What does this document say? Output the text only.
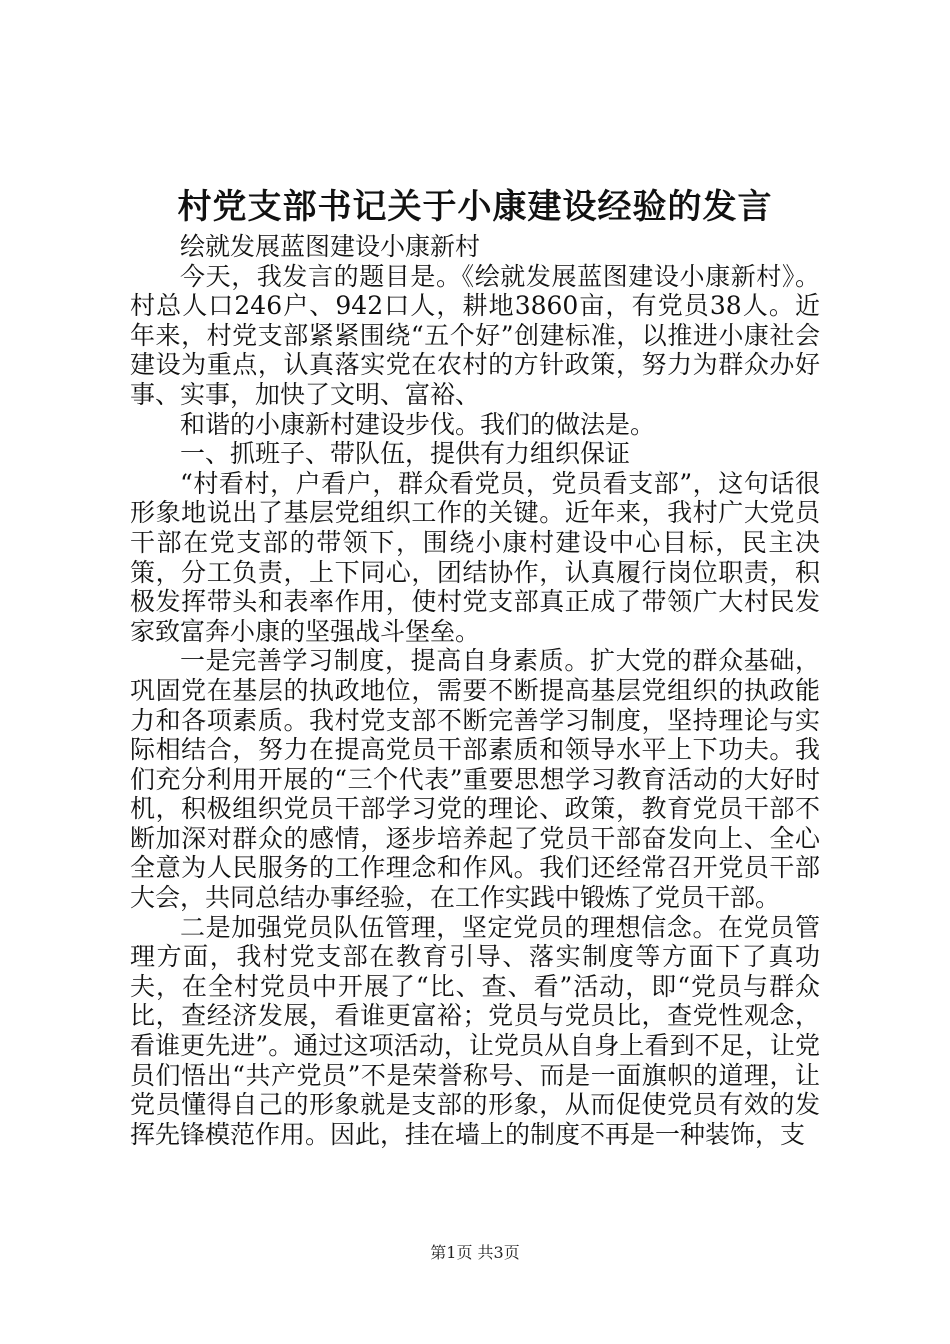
村党支部书记关于小康建设经验的发言

绘就发展蓝图建设小康新村

今天，我发言的题目是。《绘就发展蓝图建设小康新村》。村总人口246户、942口人，耕地3860亩，有党员38人。近年来，村党支部紧紧围绕“五个好”创建标准，以推进小康社会建设为重点，认真落实党在农村的方针政策，努力为群众办好事、实事，加快了文明、富裕、

和谐的小康新村建设步伐。我们的做法是。

一、抓班子、带队伍，提供有力组织保证

“村看村，户看户，群众看党员，党员看支部”，这句话很形象地说出了基层党组织工作的关键。近年来，我村广大党员干部在党支部的带领下，围绕小康村建设中心目标，民主决策，分工负责，上下同心，团结协作，认真履行岗位职责，积极发挥带头和表率作用，使村党支部真正成了带领广大村民发家致富奔小康的坚强战斗堡垒。

一是完善学习制度，提高自身素质。扩大党的群众基础，巩固党在基层的执政地位，需要不断提高基层党组织的执政能力和各项素质。我村党支部不断完善学习制度，坚持理论与实际相结合，努力在提高党员干部素质和领导水平上下功夫。我们充分利用开展的“三个代表”重要思想学习教育活动的大好时机，积极组织党员干部学习党的理论、政策，教育党员干部不断加深对群众的感情，逐步培养起了党员干部奋发向上、全心全意为人民服务的工作理念和作风。我们还经常召开党员干部大会，共同总结办事经验，在工作实践中锻炼了党员干部。

二是加强党员队伍管理，坚定党员的理想信念。在党员管理方面，我村党支部在教育引导、落实制度等方面下了真功夫，在全村党员中开展了“比、查、看”活动，即“党员与群众比，查经济发展，看谁更富裕；党员与党员比，查党性观念，看谁更先进”。通过这项活动，让党员从自身上看到不足，让党员们悟出“共产党员”不是荣誉称号、而是一面旗帜的道理，让党员懂得自己的形象就是支部的形象，从而促使党员有效的发挥先锋模范作用。因此，挂在墙上的制度不再是一种装饰，支

第1页 共3页
